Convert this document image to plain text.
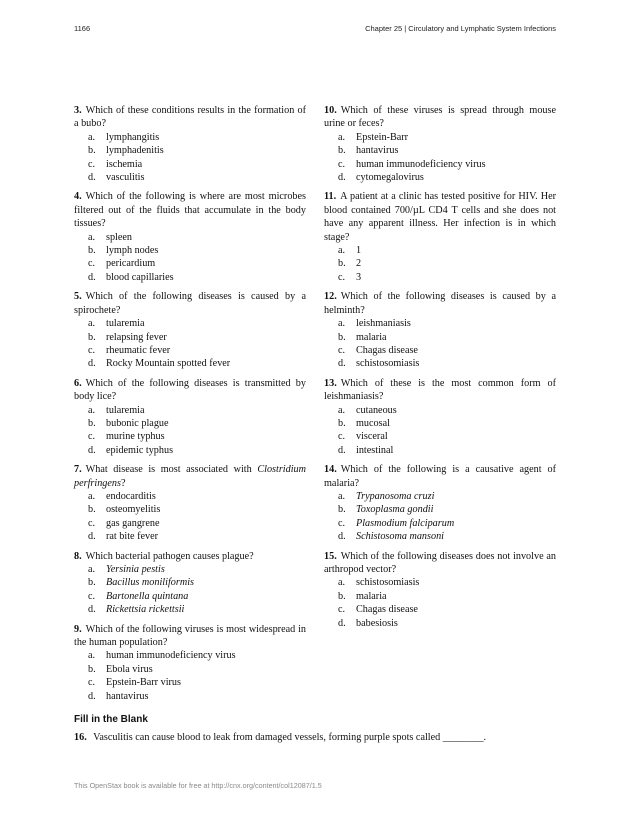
1166	Chapter 25 | Circulatory and Lymphatic System Infections
3. Which of these conditions results in the formation of a bubo?
a. lymphangitis
b. lymphadenitis
c. ischemia
d. vasculitis
4. Which of the following is where are most microbes filtered out of the fluids that accumulate in the body tissues?
a. spleen
b. lymph nodes
c. pericardium
d. blood capillaries
5. Which of the following diseases is caused by a spirochete?
a. tularemia
b. relapsing fever
c. rheumatic fever
d. Rocky Mountain spotted fever
6. Which of the following diseases is transmitted by body lice?
a. tularemia
b. bubonic plague
c. murine typhus
d. epidemic typhus
7. What disease is most associated with Clostridium perfringens?
a. endocarditis
b. osteomyelitis
c. gas gangrene
d. rat bite fever
8. Which bacterial pathogen causes plague?
a. Yersinia pestis
b. Bacillus moniliformis
c. Bartonella quintana
d. Rickettsia rickettsii
9. Which of the following viruses is most widespread in the human population?
a. human immunodeficiency virus
b. Ebola virus
c. Epstein-Barr virus
d. hantavirus
10. Which of these viruses is spread through mouse urine or feces?
a. Epstein-Barr
b. hantavirus
c. human immunodeficiency virus
d. cytomegalovirus
11. A patient at a clinic has tested positive for HIV. Her blood contained 700/µL CD4 T cells and she does not have any apparent illness. Her infection is in which stage?
a. 1
b. 2
c. 3
12. Which of the following diseases is caused by a helminth?
a. leishmaniasis
b. malaria
c. Chagas disease
d. schistosomiasis
13. Which of these is the most common form of leishmaniasis?
a. cutaneous
b. mucosal
c. visceral
d. intestinal
14. Which of the following is a causative agent of malaria?
a. Trypanosoma cruzi
b. Toxoplasma gondii
c. Plasmodium falciparum
d. Schistosoma mansoni
15. Which of the following diseases does not involve an arthropod vector?
a. schistosomiasis
b. malaria
c. Chagas disease
d. babesiosis
Fill in the Blank
16. Vasculitis can cause blood to leak from damaged vessels, forming purple spots called ________.
This OpenStax book is available for free at http://cnx.org/content/col12087/1.5
